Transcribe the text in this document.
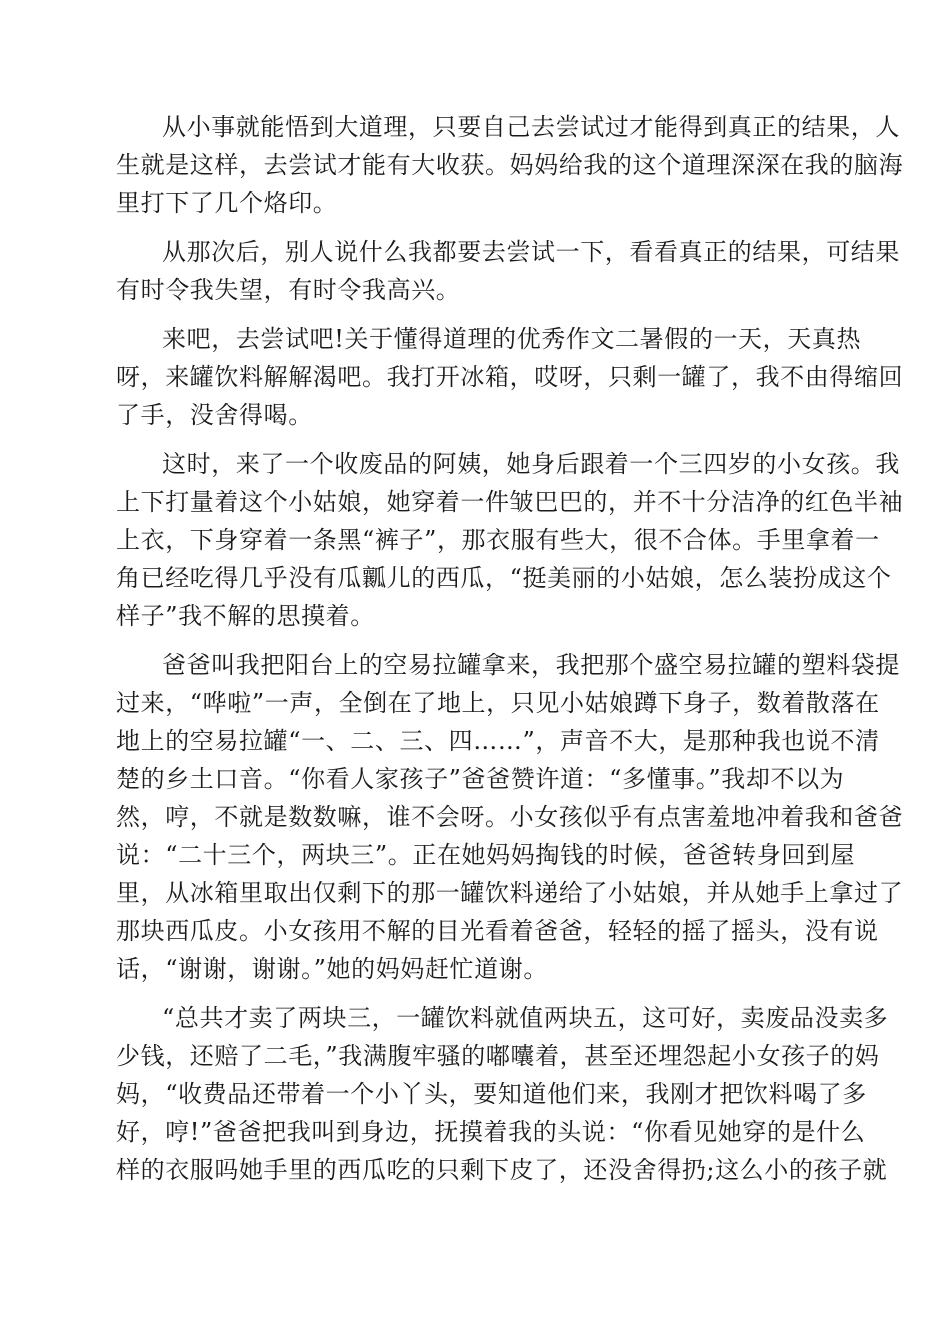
从小事就能悟到大道理，只要自己去尝试过才能得到真正的结果，人
生就是这样，去尝试才能有大收获。妈妈给我的这个道理深深在我的脑海
里打下了几个烙印。

从那次后，别人说什么我都要去尝试一下，看看真正的结果，可结果
有时令我失望，有时令我高兴。

来吧，去尝试吧!关于懂得道理的优秀作文二暑假的一天，天真热
呀，来罐饮料解解渴吧。我打开冰箱，哎呀，只剩一罐了，我不由得缩回
了手，没舍得喝。

这时，来了一个收废品的阿姨，她身后跟着一个三四岁的小女孩。我
上下打量着这个小姑娘，她穿着一件皱巴巴的，并不十分洁净的红色半袖
上衣，下身穿着一条黑“裤子”，那衣服有些大，很不合体。手里拿着一
角已经吃得几乎没有瓜瓤儿的西瓜，“挺美丽的小姑娘，怎么装扮成这个
样子”我不解的思摸着。

爸爸叫我把阳台上的空易拉罐拿来，我把那个盛空易拉罐的塑料袋提
过来，“哗啦”一声，全倒在了地上，只见小姑娘蹲下身子，数着散落在
地上的空易拉罐“一、二、三、四……”，声音不大，是那种我也说不清
楚的乡土口音。“你看人家孩子”爸爸赞许道：“多懂事。”我却不以为
然，哼，不就是数数嘛，谁不会呀。小女孩似乎有点害羞地冲着我和爸爸
说：“二十三个，两块三”。正在她妈妈掏钱的时候，爸爸转身回到屋
里，从冰箱里取出仅剩下的那一罐饮料递给了小姑娘，并从她手上拿过了
那块西瓜皮。小女孩用不解的目光看着爸爸，轻轻的摇了摇头，没有说
话，“谢谢，谢谢。”她的妈妈赶忙道谢。

“总共才卖了两块三，一罐饮料就值两块五，这可好，卖废品没卖多
少钱，还赔了二毛，”我满腹牢骚的嘟囔着，甚至还埋怨起小女孩子的妈
妈，“收费品还带着一个小丫头，要知道他们来，我刚才把饮料喝了多
好，哼!”爸爸把我叫到身边，抚摸着我的头说：“你看见她穿的是什么
样的衣服吗她手里的西瓜吃的只剩下皮了，还没舍得扔;这么小的孩子就
